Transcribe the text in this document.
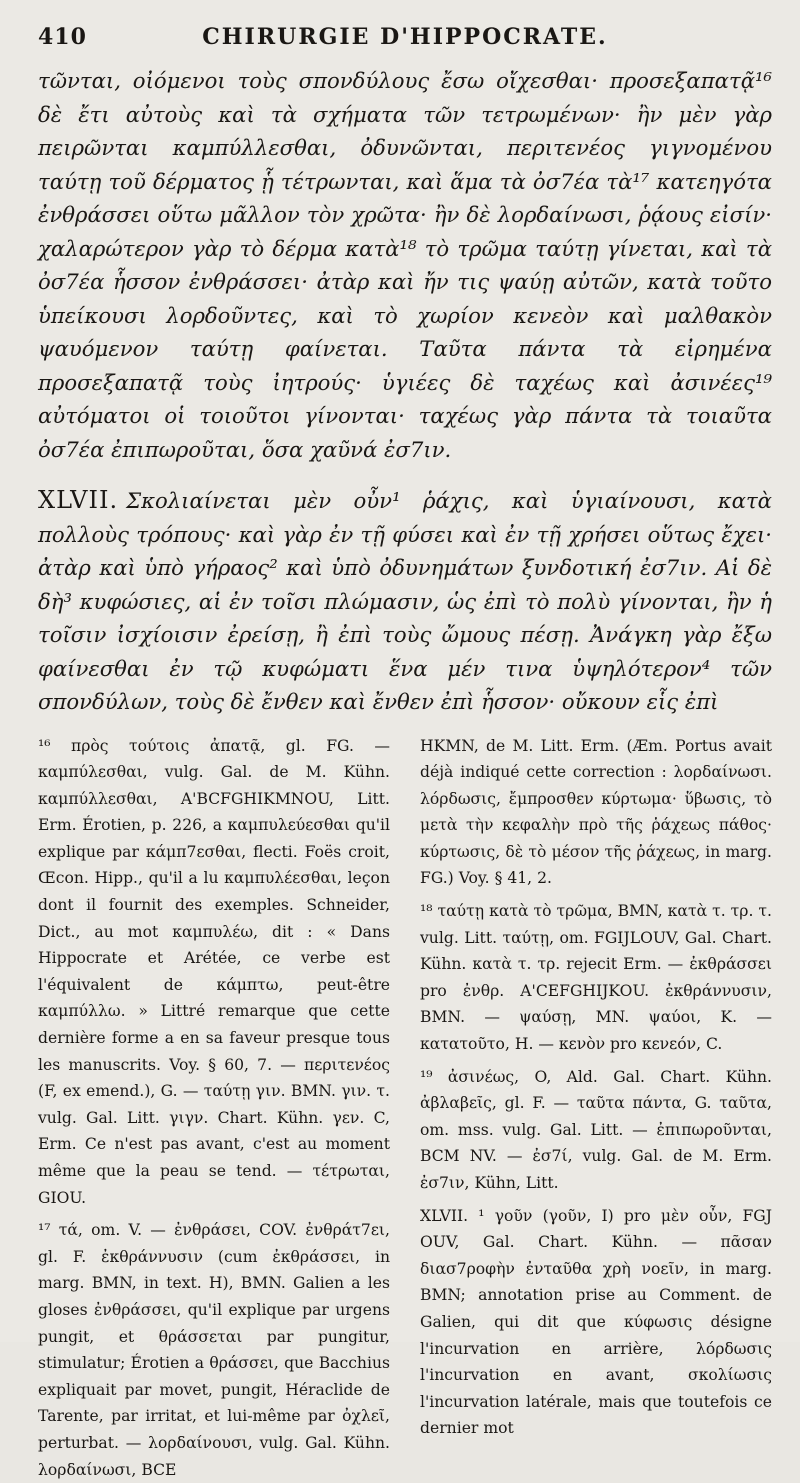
410	CHIRURGIE D'HIPPOCRATE.

τῶνται, οἰόμενοι τοὺς σπονδύλους ἔσω οἴχεσθαι· προσεξαπατᾷ¹⁶ δὲ ἔτι αὐτοὺς καὶ τὰ σχήματα τῶν τετρωμένων· ἢν μὲν γὰρ πειρῶνται καμπύλλεσθαι, ὀδυνῶνται, περιτενέος γιγνομένου ταύτῃ τοῦ δέρματος ᾗ τέτρωνται, καὶ ἅμα τὰ ὀσ7έα τὰ¹⁷ κατεηγότα ἐνθράσσει οὕτω μᾶλλον τὸν χρῶτα· ἢν δὲ λορδαίνωσι, ῥᾴους εἰσίν· χαλαρώτερον γὰρ τὸ δέρμα κατὰ¹⁸ τὸ τρῶμα ταύτῃ γίνεται, καὶ τὰ ὀσ7έα ἧσσον ἐνθράσσει· ἀτὰρ καὶ ἤν τις ψαύῃ αὐτῶν, κατὰ τοῦτο ὑπείκουσι λορδοῦντες, καὶ τὸ χωρίον κενεὸν καὶ μαλθακὸν ψαυόμενον ταύτῃ φαίνεται. Ταῦτα πάντα τὰ εἰρημένα προσεξαπατᾷ τοὺς ἰητρούς· ὑγιέες δὲ ταχέως καὶ ἀσινέες¹⁹ αὐτόματοι οἱ τοιοῦτοι γίνονται· ταχέως γὰρ πάντα τὰ τοιαῦτα ὀσ7έα ἐπιπωροῦται, ὅσα χαῦνά ἐσ7ιν.

XLVII. Σκολιαίνεται μὲν οὖν¹ ῥάχις, καὶ ὑγιαίνουσι, κατὰ πολλοὺς τρόπους· καὶ γὰρ ἐν τῇ φύσει καὶ ἐν τῇ χρήσει οὕτως ἔχει· ἀτὰρ καὶ ὑπὸ γήραος² καὶ ὑπὸ ὀδυνημάτων ξυνδοτική ἐσ7ιν. Αἱ δὲ δὴ³ κυφώσιες, αἱ ἐν τοῖσι πλώμασιν, ὡς ἐπὶ τὸ πολὺ γίνονται, ἢν ἡ τοῖσιν ἰσχίοισιν ἐρείσῃ, ἢ ἐπὶ τοὺς ὤμους πέσῃ. Ἀνάγκη γὰρ ἔξω φαίνεσθαι ἐν τῷ κυφώματι ἕνα μέν τινα ὑψηλότερον⁴ τῶν σπονδύλων, τοὺς δὲ ἔνθεν καὶ ἔνθεν ἐπὶ ἧσσον· οὔκουν εἷς ἐπὶ

¹⁶ πρὸς τούτοις ἀπατᾷ, gl. FG. — καμπύλεσθαι, vulg. Gal. de M. Kühn. καμπύλλεσθαι, A'BCFGHIKMNOU, Litt. Erm. Érotien, p. 226, a καμπυλεύεσθαι qu'il explique par κάμπ7εσθαι, flecti. Foës croit, Œcon. Hipp., qu'il a lu καμπυλέεσθαι, leçon dont il fournit des exemples. Schneider, Dict., au mot καμπυλέω, dit : « Dans Hippocrate et Arétée, ce verbe est l'équivalent de κάμπτω, peut-être καμπύλλω. » Littré remarque que cette dernière forme a en sa faveur presque tous les manuscrits. Voy. § 60, 7. — περιτενέος (F, ex emend.), G. — ταύτῃ γιν. BMN. γιν. τ. vulg. Gal. Litt. γιγν. Chart. Kühn. γεν. C, Erm. Ce n'est pas avant, c'est au moment même que la peau se tend. — τέτρωται, GIOU.

¹⁷ τά, om. V. — ἐνθράσει, COV. ἐνθράτ7ει, gl. F. ἐκθράννυσιν (cum ἐκθράσσει, in marg. BMN, in text. H), BMN. Galien a les gloses ἐνθράσσει, qu'il explique par urgens pungit, et θράσσεται par pungitur, stimulatur; Érotien a θράσσει, que Bacchius expliquait par movet, pungit, Héraclide de Tarente, par irritat, et lui-même par ὀχλεῖ, perturbat. — λορδαίνουσι, vulg. Gal. Kühn. λορδαίνωσι, BCE

HKMN, de M. Litt. Erm. (Æm. Portus avait déjà indiqué cette correction : λορδαίνωσι. λόρδωσις, ἔμπροσθεν κύρτωμα· ὕβωσις, τὸ μετὰ τὴν κεφαλὴν πρὸ τῆς ῥάχεως πάθος· κύρτωσις, δὲ τὸ μέσον τῆς ῥάχεως, in marg. FG.) Voy. § 41, 2.

¹⁸ ταύτῃ κατὰ τὸ τρῶμα, BMN, κατὰ τ. τρ. τ. vulg. Litt. ταύτῃ, om. FGIJLOUV, Gal. Chart. Kühn. κατὰ τ. τρ. rejecit Erm. — ἐκθράσσει pro ἐνθρ. A'CEFGHIJKOU. ἐκθράννυσιν, BMN. — ψαύσῃ, MN. ψαύοι, K. — κατατοῦτο, H. — κενὸν pro κενεόν, C.

¹⁹ ἀσινέως, O, Ald. Gal. Chart. Kühn. ἀβλαβεῖς, gl. F. — ταῦτα πάντα, G. ταῦτα, om. mss. vulg. Gal. Litt. — ἐπιπωροῦνται, BCM NV. — ἐσ7ί, vulg. Gal. de M. Erm. ἐσ7ιν, Kühn, Litt.

XLVII. ¹ γοῦν (γοῦν, I) pro μὲν οὖν, FGJ OUV, Gal. Chart. Kühn. — πᾶσαν διασ7ροφὴν ἐνταῦθα χρὴ νοεῖν, in marg. BMN; annotation prise au Comment. de Galien, qui dit que κύφωσις désigne l'incurvation en arrière, λόρδωσις l'incurvation en avant, σκολίωσις l'incurvation latérale, mais que toutefois ce dernier mot
